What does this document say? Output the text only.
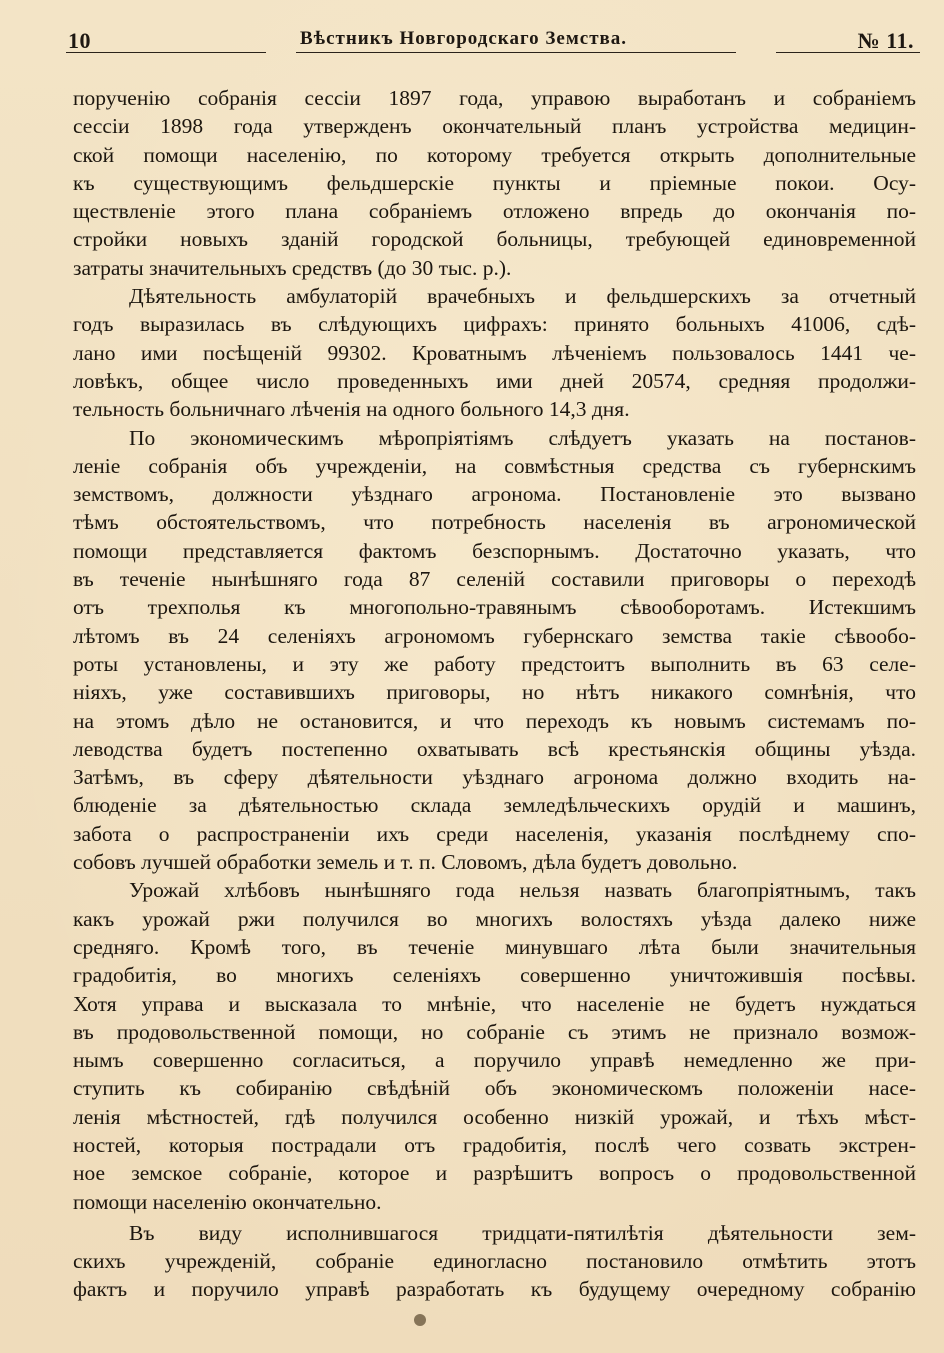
10	Вѣстникъ Новгородскаго Земства.	№ 11.
порученію собранія сессіи 1897 года, управою выработанъ и собраніемъ
сессіи 1898 года утвержденъ окончательный планъ устройства медицин-
ской помощи населенію, по которому требуется открыть дополнительные
къ существующимъ фельдшерскіе пункты и пріемные покои. Осу-
ществленіе этого плана собраніемъ отложено впредь до окончанія по-
стройки новыхъ зданій городской больницы, требующей единовременной
затраты значительныхъ средствъ (до 30 тыс. р.).
Дѣятельность амбулаторій врачебныхъ и фельдшерскихъ за отчетный
годъ выразилась въ слѣдующихъ цифрахъ: принято больныхъ 41006, сдѣ-
лано ими посѣщеній 99302. Кроватнымъ лѣченіемъ пользовалось 1441 че-
ловѣкъ, общее число проведенныхъ ими дней 20574, средняя продолжи-
тельность больничнаго лѣченія на одного больного 14,3 дня.
По экономическимъ мѣропріятіямъ слѣдуетъ указать на постанов-
леніе собранія объ учрежденіи, на совмѣстныя средства съ губернскимъ
земствомъ, должности уѣзднаго агронома. Постановленіе это вызвано
тѣмъ обстоятельствомъ, что потребность населенія въ агрономической
помощи представляется фактомъ безспорнымъ. Достаточно указать, что
въ теченіе нынѣшняго года 87 селеній составили приговоры о переходѣ
отъ трехполья къ многопольно-травянымъ сѣвооборотамъ. Истекшимъ
лѣтомъ въ 24 селеніяхъ агрономомъ губернскаго земства такіе сѣвообо-
роты установлены, и эту же работу предстоитъ выполнить въ 63 селе-
ніяхъ, уже составившихъ приговоры, но нѣтъ никакого сомнѣнія, что
на этомъ дѣло не остановится, и что переходъ къ новымъ системамъ по-
леводства будетъ постепенно охватывать всѣ крестьянскія общины уѣзда.
Затѣмъ, въ сферу дѣятельности уѣзднаго агронома должно входить на-
блюденіе за дѣятельностью склада земледѣльческихъ орудій и машинъ,
забота о распространеніи ихъ среди населенія, указанія послѣднему спо-
собовъ лучшей обработки земель и т. п. Словомъ, дѣла будетъ довольно.
Урожай хлѣбовъ нынѣшняго года нельзя назвать благопріятнымъ, такъ
какъ урожай ржи получился во многихъ волостяхъ уѣзда далеко ниже
средняго. Кромѣ того, въ теченіе минувшаго лѣта были значительныя
градобитія, во многихъ селеніяхъ совершенно уничтожившія посѣвы.
Хотя управа и высказала то мнѣніе, что населеніе не будетъ нуждаться
въ продовольственной помощи, но собраніе съ этимъ не признало возмож-
нымъ совершенно согласиться, а поручило управѣ немедленно же при-
ступить къ собиранію свѣдѣній объ экономическомъ положеніи насе-
ленія мѣстностей, гдѣ получился особенно низкій урожай, и тѣхъ мѣст-
ностей, которыя пострадали отъ градобитія, послѣ чего созвать экстрен-
ное земское собраніе, которое и разрѣшитъ вопросъ о продовольственной
помощи населенію окончательно.
Въ виду исполнившагося тридцати-пятилѣтія дѣятельности зем-
скихъ учрежденій, собраніе единогласно постановило отмѣтить этотъ
фактъ и поручило управѣ разработать къ будущему очередному собранію
